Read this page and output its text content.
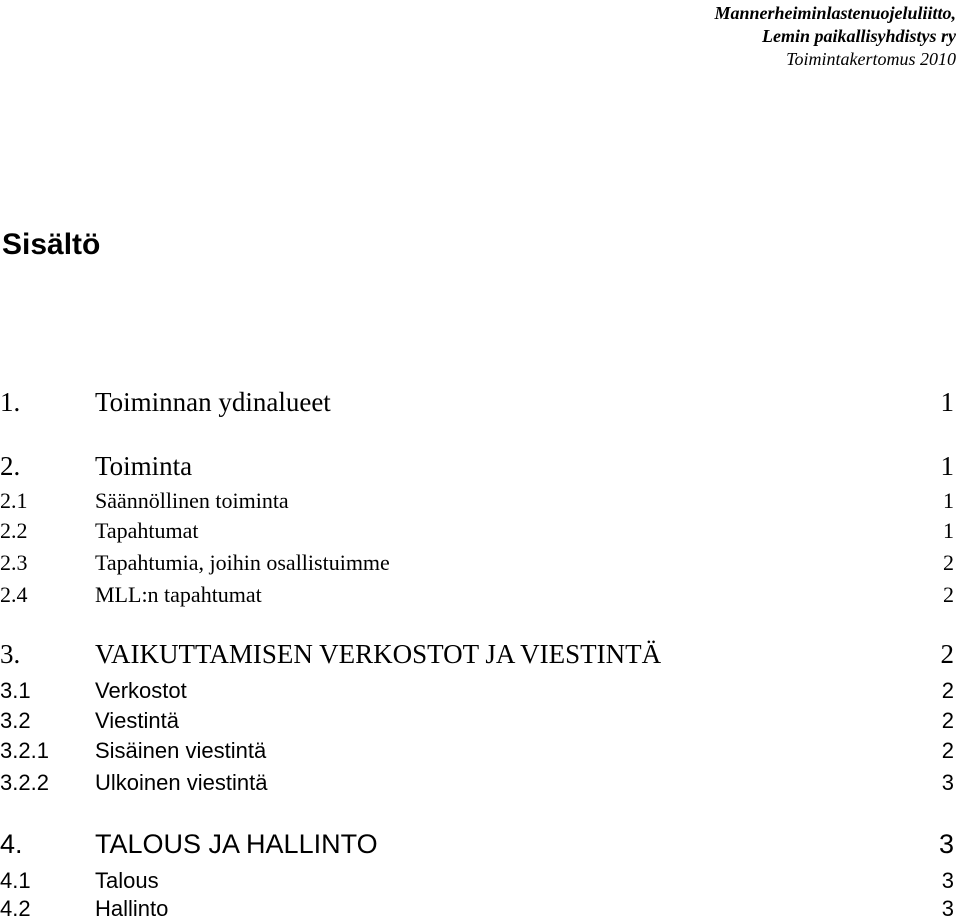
Mannerheiminlastenuojeluliitto,
Lemin paikallisyhdistys ry
Toimintakertomus 2010
Sisältö
1.	Toiminnan ydinalueet	1
2.	Toiminta	1
2.1	Säännöllinen toiminta	1
2.2	Tapahtumat	1
2.3	Tapahtumia, joihin osallistuimme	2
2.4	MLL:n tapahtumat	2
3.	VAIKUTTAMISEN VERKOSTOT JA VIESTINTÄ	2
3.1	Verkostot	2
3.2	Viestintä	2
3.2.1 Sisäinen viestintä	2
3.2.2 Ulkoinen viestintä	3
4.	TALOUS JA HALLINTO	3
4.1	Talous	3
4.2	Hallinto	3
